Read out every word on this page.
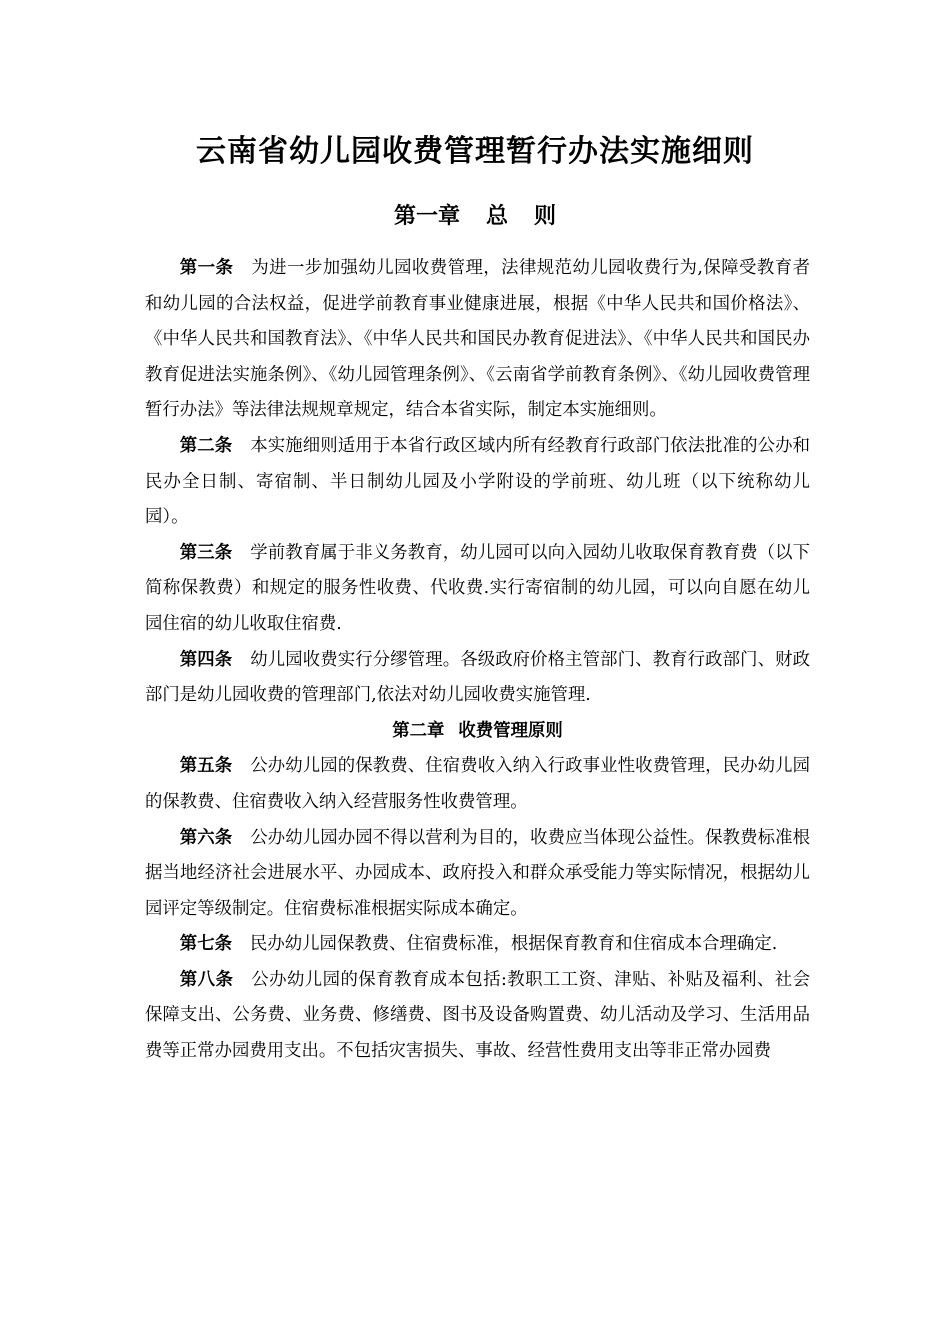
云南省幼儿园收费管理暂行办法实施细则
第一章 总 则

第一条 为进一步加强幼儿园收费管理，法律规范幼儿园收费行为,保障受教育者和幼儿园的合法权益，促进学前教育事业健康进展，根据《中华人民共和国价格法》、《中华人民共和国教育法》、《中华人民共和国民办教育促进法》、《中华人民共和国民办教育促进法实施条例》、《幼儿园管理条例》、《云南省学前教育条例》、《幼儿园收费管理暂行办法》等法律法规规章规定，结合本省实际，制定本实施细则。

第二条 本实施细则适用于本省行政区域内所有经教育行政部门依法批准的公办和民办全日制、寄宿制、半日制幼儿园及小学附设的学前班、幼儿班（以下统称幼儿园）。

第三条 学前教育属于非义务教育，幼儿园可以向入园幼儿收取保育教育费（以下简称保教费）和规定的服务性收费、代收费.实行寄宿制的幼儿园，可以向自愿在幼儿园住宿的幼儿收取住宿费.

第四条 幼儿园收费实行分缪管理。各级政府价格主管部门、教育行政部门、财政部门是幼儿园收费的管理部门,依法对幼儿园收费实施管理.

第二章 收费管理原则

第五条 公办幼儿园的保教费、住宿费收入纳入行政事业性收费管理，民办幼儿园的保教费、住宿费收入纳入经营服务性收费管理。

第六条 公办幼儿园办园不得以营利为目的，收费应当体现公益性。保教费标准根据当地经济社会进展水平、办园成本、政府投入和群众承受能力等实际情况，根据幼儿园评定等级制定。住宿费标准根据实际成本确定。

第七条 民办幼儿园保教费、住宿费标准，根据保育教育和住宿成本合理确定.

第八条 公办幼儿园的保育教育成本包括:教职工工资、津贴、补贴及福利、社会保障支出、公务费、业务费、修缮费、图书及设备购置费、幼儿活动及学习、生活用品费等正常办园费用支出。不包括灾害损失、事故、经营性费用支出等非正常办园费
